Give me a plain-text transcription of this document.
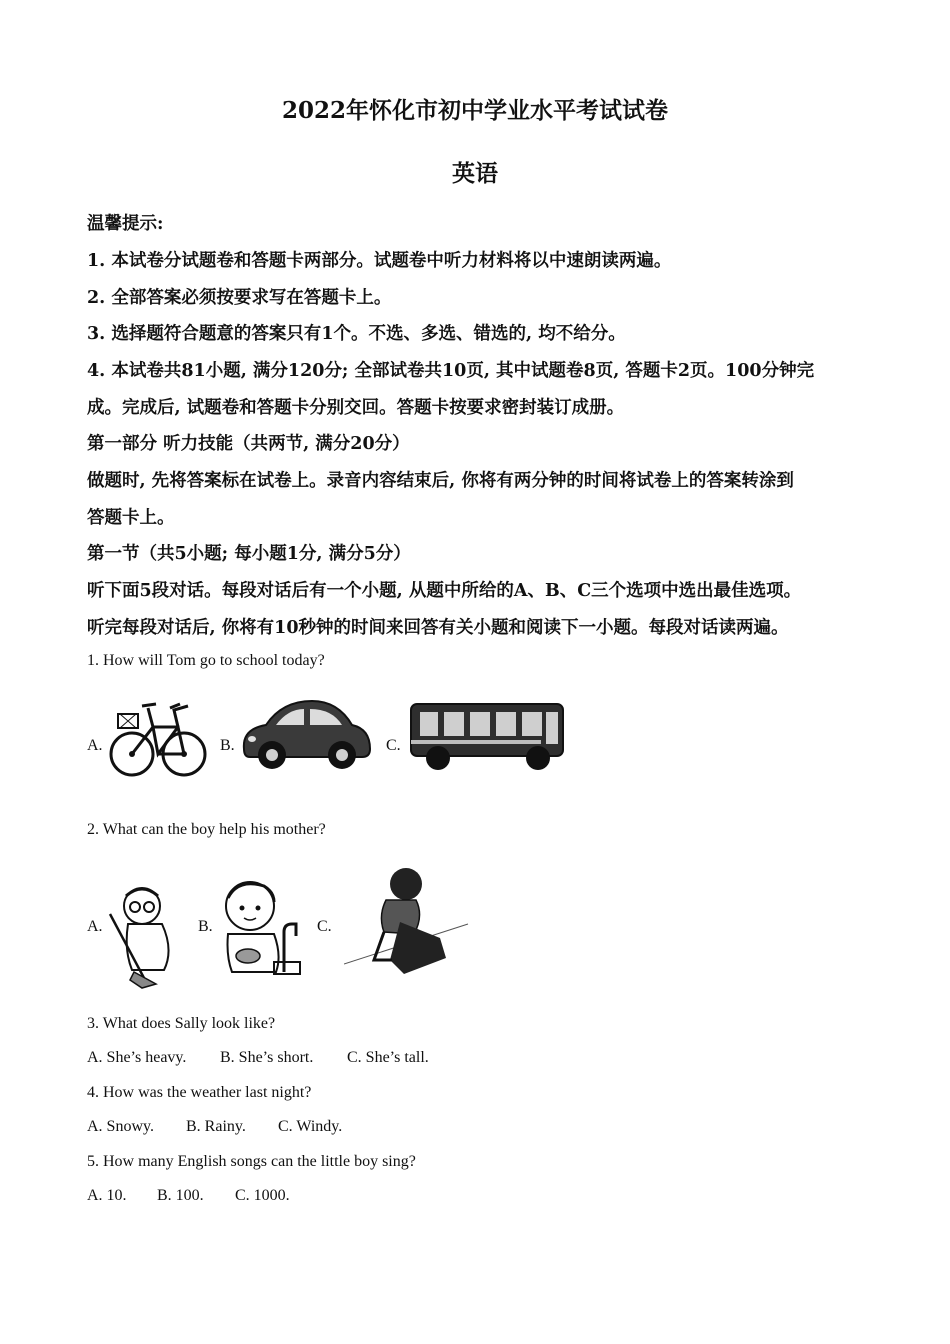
2022年怀化市初中学业水平考试试卷
英语
温馨提示:
1. 本试卷分试题卷和答题卡两部分。试题卷中听力材料将以中速朗读两遍。
2. 全部答案必须按要求写在答题卡上。
3. 选择题符合题意的答案只有1个。不选、多选、错选的, 均不给分。
4. 本试卷共81小题, 满分120分; 全部试卷共10页, 其中试题卷8页, 答题卡2页。100分钟完
成。完成后, 试题卷和答题卡分别交回。答题卡按要求密封装订成册。
第一部分 听力技能（共两节, 满分20分）
做题时, 先将答案标在试卷上。录音内容结束后, 你将有两分钟的时间将试卷上的答案转涂到
答题卡上。
第一节（共5小题; 每小题1分, 满分5分）
听下面5段对话。每段对话后有一个小题, 从题中所给的A、B、C三个选项中选出最佳选项。
听完每段对话后, 你将有10秒钟的时间来回答有关小题和阅读下一小题。每段对话读两遍。
1. How will Tom go to school today?
A.	B.	C.
2. What can the boy help his mother?
A.	B.	C.
3. What does Sally look like?
A. She’s heavy. B. She’s short. C. She’s tall.
4. How was the weather last night?
A. Snowy. B. Rainy. C. Windy.
5. How many English songs can the little boy sing?
A. 10. B. 100. C. 1000.
